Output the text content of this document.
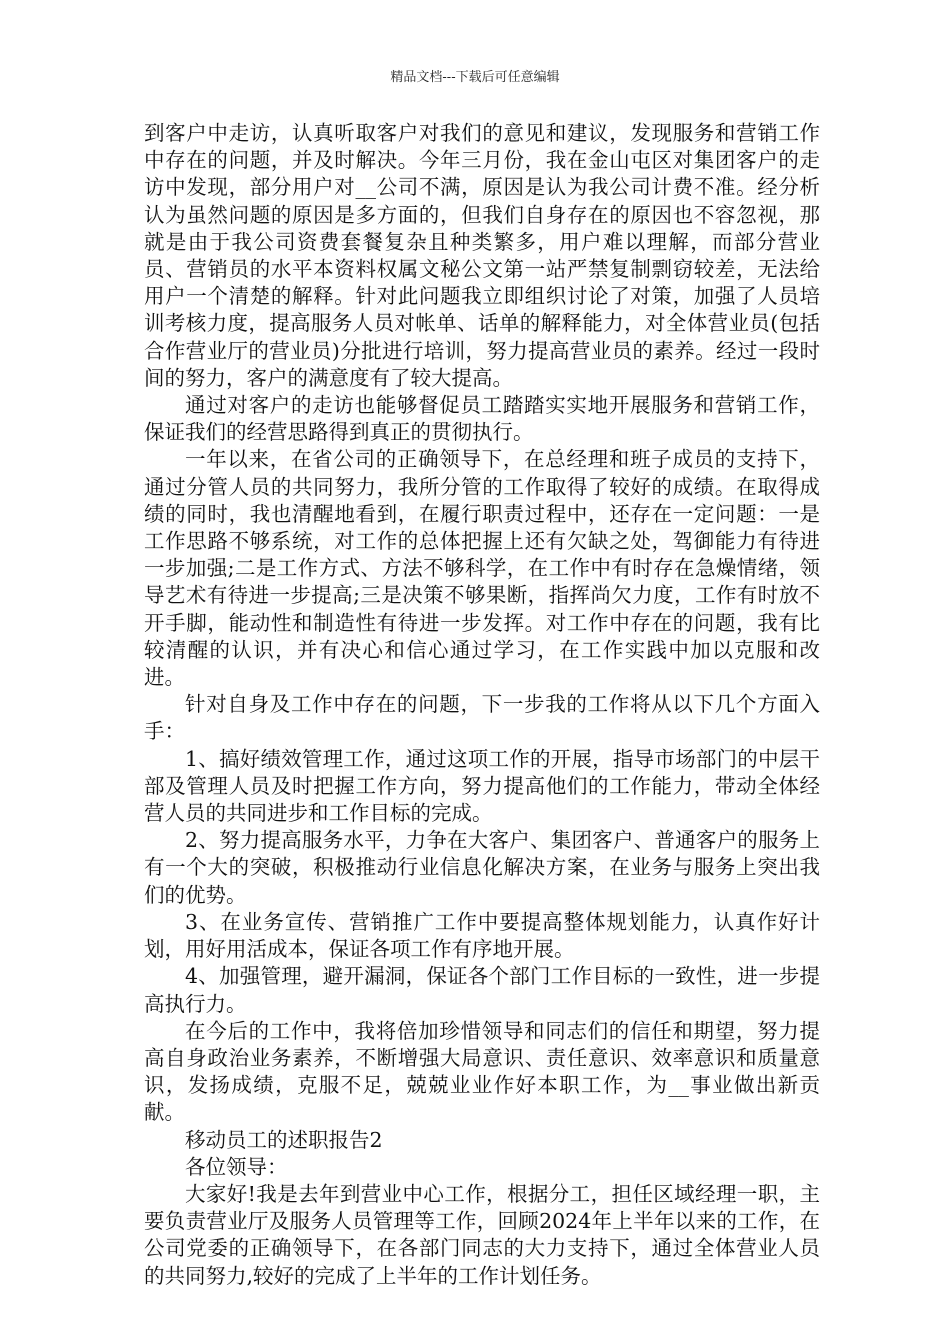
精品文档---下载后可任意编辑

到客户中走访，认真听取客户对我们的意见和建议，发现服务和营销工作中存在的问题，并及时解决。今年三月份，我在金山屯区对集团客户的走访中发现，部分用户对__公司不满，原因是认为我公司计费不准。经分析认为虽然问题的原因是多方面的，但我们自身存在的原因也不容忽视，那就是由于我公司资费套餐复杂且种类繁多，用户难以理解，而部分营业员、营销员的水平本资料权属文秘公文第一站严禁复制剽窃较差，无法给用户一个清楚的解释。针对此问题我立即组织讨论了对策，加强了人员培训考核力度，提高服务人员对帐单、话单的解释能力，对全体营业员(包括合作营业厅的营业员)分批进行培训，努力提高营业员的素养。经过一段时间的努力，客户的满意度有了较大提高。

通过对客户的走访也能够督促员工踏踏实实地开展服务和营销工作，保证我们的经营思路得到真正的贯彻执行。

一年以来，在省公司的正确领导下，在总经理和班子成员的支持下，通过分管人员的共同努力，我所分管的工作取得了较好的成绩。在取得成绩的同时，我也清醒地看到，在履行职责过程中，还存在一定问题：一是工作思路不够系统，对工作的总体把握上还有欠缺之处，驾御能力有待进一步加强;二是工作方式、方法不够科学，在工作中有时存在急燥情绪，领导艺术有待进一步提高;三是决策不够果断，指挥尚欠力度，工作有时放不开手脚，能动性和制造性有待进一步发挥。对工作中存在的问题，我有比较清醒的认识，并有决心和信心通过学习，在工作实践中加以克服和改进。

针对自身及工作中存在的问题，下一步我的工作将从以下几个方面入手：

1、搞好绩效管理工作，通过这项工作的开展，指导市场部门的中层干部及管理人员及时把握工作方向，努力提高他们的工作能力，带动全体经营人员的共同进步和工作目标的完成。

2、努力提高服务水平，力争在大客户、集团客户、普通客户的服务上有一个大的突破，积极推动行业信息化解决方案，在业务与服务上突出我们的优势。

3、在业务宣传、营销推广工作中要提高整体规划能力，认真作好计划，用好用活成本，保证各项工作有序地开展。

4、加强管理，避开漏洞，保证各个部门工作目标的一致性，进一步提高执行力。

在今后的工作中，我将倍加珍惜领导和同志们的信任和期望，努力提高自身政治业务素养，不断增强大局意识、责任意识、效率意识和质量意识，发扬成绩，克服不足，兢兢业业作好本职工作，为__事业做出新贡献。

移动员工的述职报告2

各位领导：

大家好!我是去年到营业中心工作，根据分工，担任区域经理一职，主要负责营业厅及服务人员管理等工作，回顾2024年上半年以来的工作，在公司党委的正确领导下，在各部门同志的大力支持下，通过全体营业人员的共同努力,较好的完成了上半年的工作计划任务。
